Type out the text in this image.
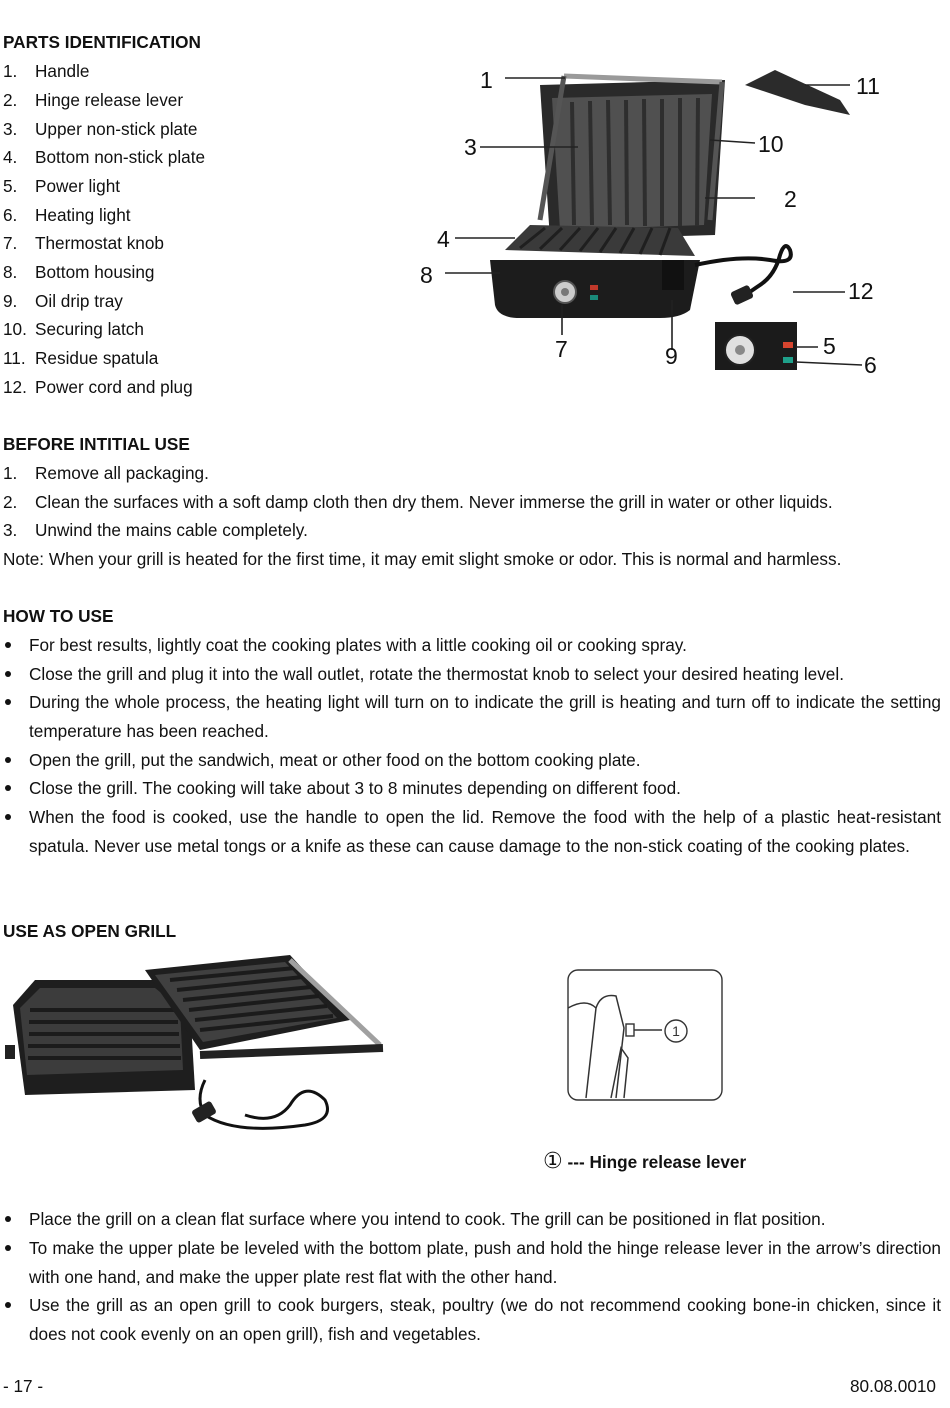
PARTS IDENTIFICATION
1. Handle
2. Hinge release lever
3. Upper non-stick plate
4. Bottom non-stick plate
5. Power light
6. Heating light
7. Thermostat knob
8. Bottom housing
9. Oil drip tray
10. Securing latch
11. Residue spatula
12. Power cord and plug
1
2
3
4
5
6
7
8
9
10
11
12
BEFORE INTITIAL USE
1. Remove all packaging.
2. Clean the surfaces with a soft damp cloth then dry them. Never immerse the grill in water or other liquids.
3. Unwind the mains cable completely.
Note: When your grill is heated for the first time, it may emit slight smoke or odor. This is normal and harmless.
HOW TO USE
For best results, lightly coat the cooking plates with a little cooking oil or cooking spray.
Close the grill and plug it into the wall outlet, rotate the thermostat knob to select your desired heating level.
During the whole process, the heating light will turn on to indicate the grill is heating and turn off to indicate the setting temperature has been reached.
Open the grill, put the sandwich, meat or other food on the bottom cooking plate.
Close the grill. The cooking will take about 3 to 8 minutes depending on different food.
When the food is cooked, use the handle to open the lid. Remove the food with the help of a plastic heat-resistant spatula. Never use metal tongs or a knife as these can cause damage to the non-stick coating of the cooking plates.
USE AS OPEN GRILL
1
① --- Hinge release lever
Place the grill on a clean flat surface where you intend to cook. The grill can be positioned in flat position.
To make the upper plate be leveled with the bottom plate, push and hold the hinge release lever in the arrow’s direction with one hand, and make the upper plate rest flat with the other hand.
Use the grill as an open grill to cook burgers, steak, poultry (we do not recommend cooking bone-in chicken, since it does not cook evenly on an open grill), fish and vegetables.
- 17 -	80.08.0010
